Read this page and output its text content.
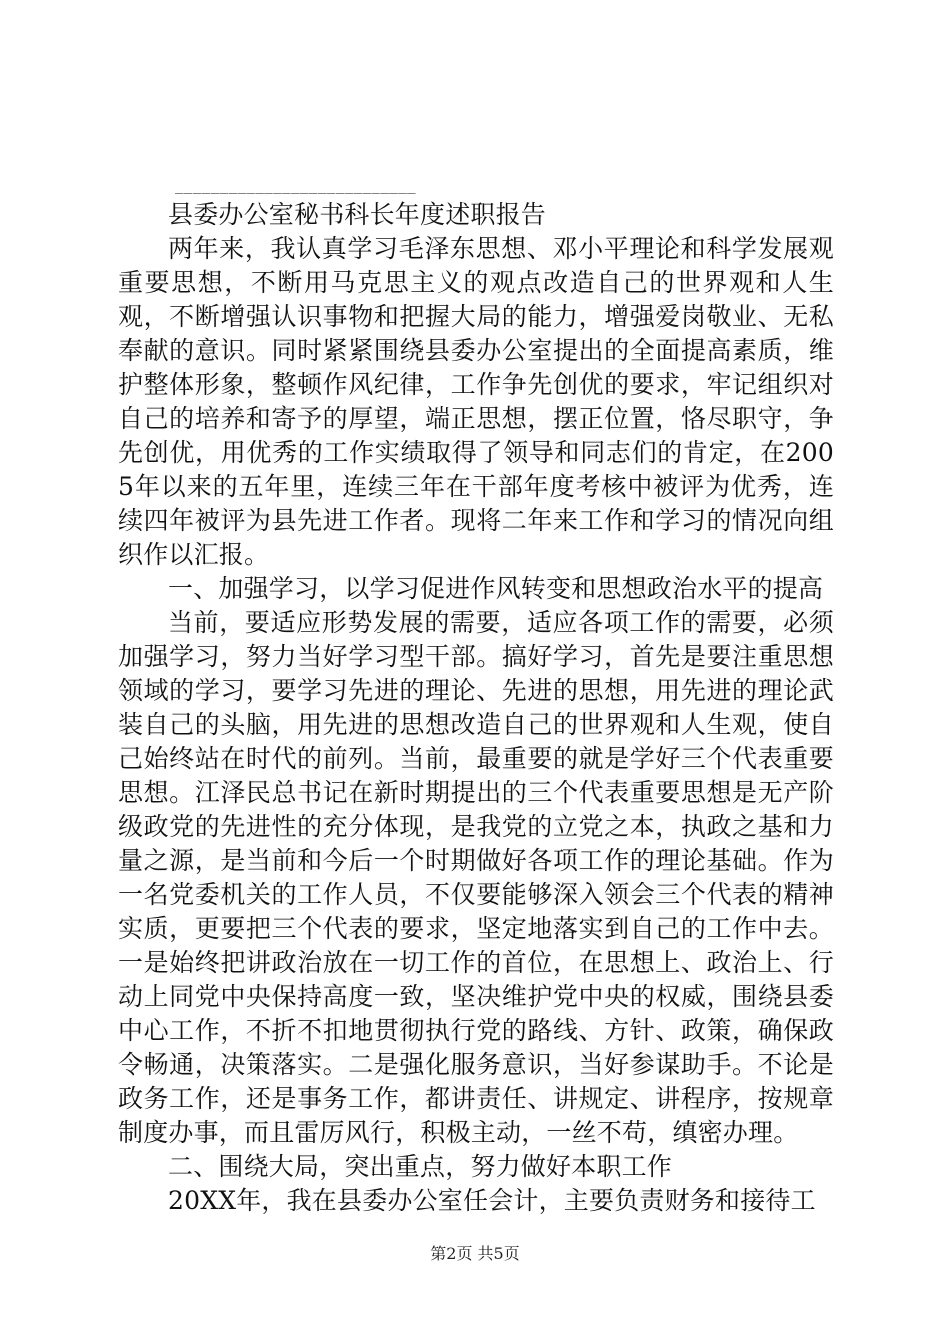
___________________________

县委办公室秘书科长年度述职报告

两年来，我认真学习毛泽东思想、邓小平理论和科学发展观重要思想，不断用马克思主义的观点改造自己的世界观和人生观，不断增强认识事物和把握大局的能力，增强爱岗敬业、无私奉献的意识。同时紧紧围绕县委办公室提出的全面提高素质，维护整体形象，整顿作风纪律，工作争先创优的要求，牢记组织对自己的培养和寄予的厚望，端正思想，摆正位置，恪尽职守，争先创优，用优秀的工作实绩取得了领导和同志们的肯定，在2005年以来的五年里，连续三年在干部年度考核中被评为优秀，连续四年被评为县先进工作者。现将二年来工作和学习的情况向组织作以汇报。

一、加强学习，以学习促进作风转变和思想政治水平的提高

当前，要适应形势发展的需要，适应各项工作的需要，必须加强学习，努力当好学习型干部。搞好学习，首先是要注重思想领域的学习，要学习先进的理论、先进的思想，用先进的理论武装自己的头脑，用先进的思想改造自己的世界观和人生观，使自己始终站在时代的前列。当前，最重要的就是学好三个代表重要思想。江泽民总书记在新时期提出的三个代表重要思想是无产阶级政党的先进性的充分体现，是我党的立党之本，执政之基和力量之源，是当前和今后一个时期做好各项工作的理论基础。作为一名党委机关的工作人员，不仅要能够深入领会三个代表的精神实质，更要把三个代表的要求，坚定地落实到自己的工作中去。一是始终把讲政治放在一切工作的首位，在思想上、政治上、行动上同党中央保持高度一致，坚决维护党中央的权威，围绕县委中心工作，不折不扣地贯彻执行党的路线、方针、政策，确保政令畅通，决策落实。二是强化服务意识，当好参谋助手。不论是政务工作，还是事务工作，都讲责任、讲规定、讲程序，按规章制度办事，而且雷厉风行，积极主动，一丝不苟，缜密办理。

二、围绕大局，突出重点，努力做好本职工作

20XX年，我在县委办公室任会计，主要负责财务和接待工

第2页 共5页
